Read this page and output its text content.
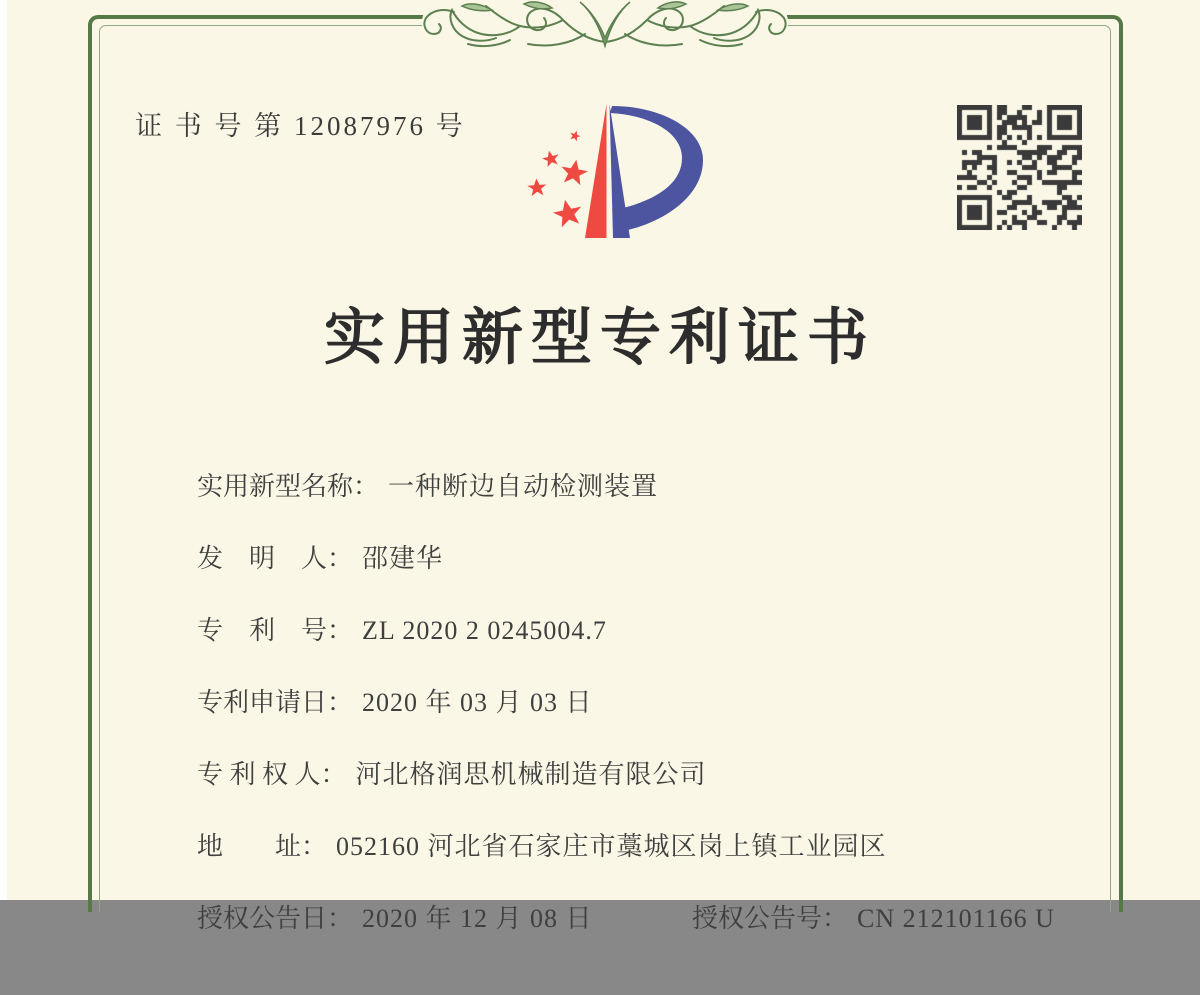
证 书 号 第 12087976 号
实用新型专利证书

实用新型名称： 一种断边自动检测装置

发　明　人： 邵建华

专　利　号： ZL 2020 2 0245004.7

专利申请日： 2020 年 03 月 03 日

专 利 权 人： 河北格润思机械制造有限公司

地　　址： 052160 河北省石家庄市藁城区岗上镇工业园区

授权公告日： 2020 年 12 月 08 日
	授权公告号： CN 212101166 U
